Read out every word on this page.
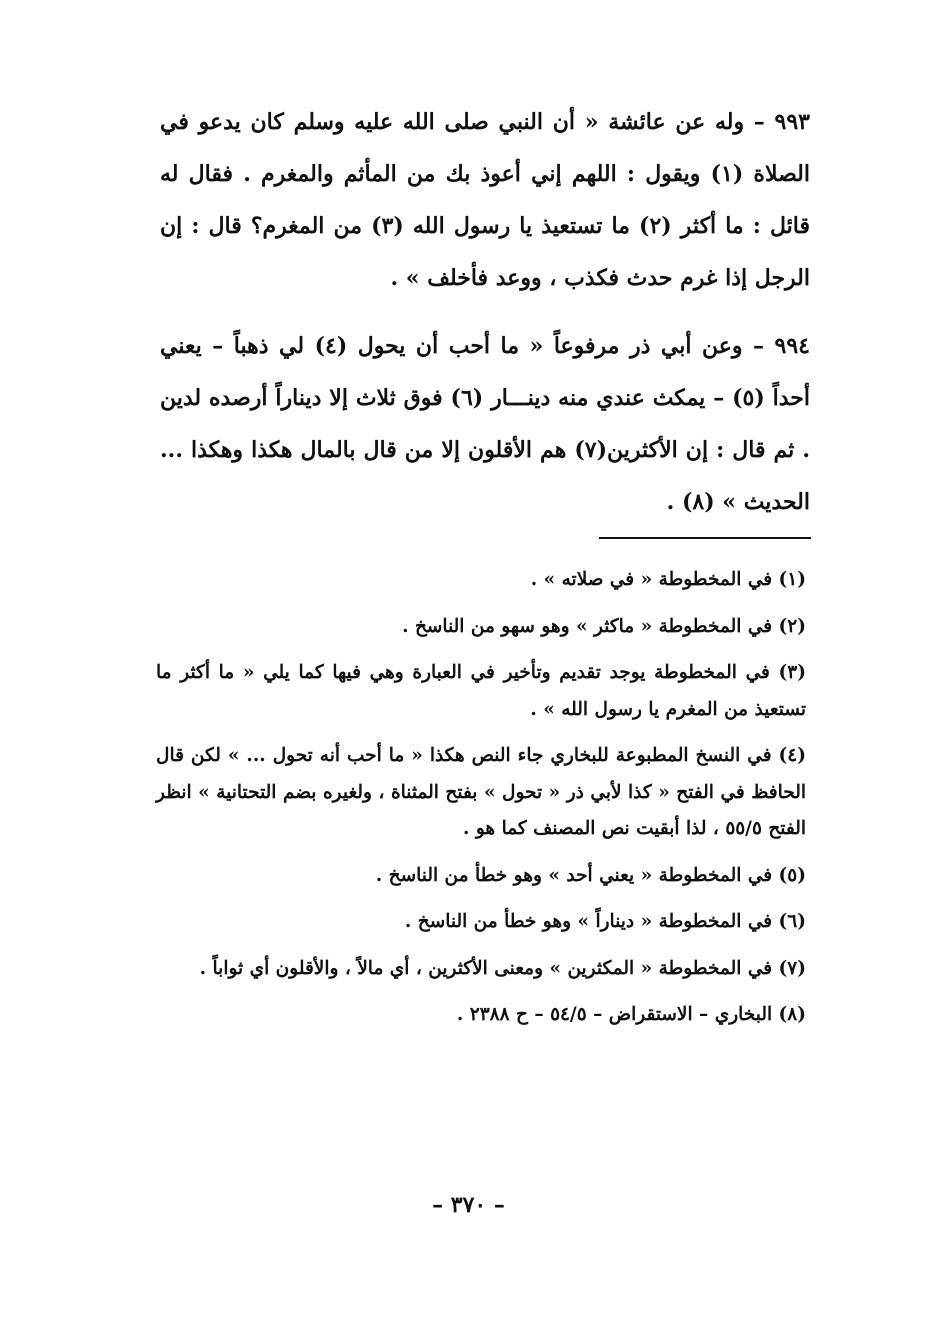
٩٩٣ – وله عن عائشة « أن النبي صلى الله عليه وسلم كان يدعو في الصلاة (١) ويقول : اللهم إني أعوذ بك من المأثم والمغرم . فقال له قائل : ما أكثر (٢) ما تستعيذ يا رسول الله (٣) من المغرم؟ قال : إن الرجل إذا غرم حدث فكذب ، ووعد فأخلف » .

٩٩٤ – وعن أبي ذر مرفوعاً « ما أحب أن يحول (٤) لي ذهباً – يعني أحداً (٥) – يمكث عندي منه دينـــار (٦) فوق ثلاث إلا ديناراً أرصده لدين . ثم قال : إن الأكثرين(٧) هم الأقلون إلا من قال بالمال هكذا وهكذا ... الحديث » (٨) .

(١) في المخطوطة « في صلاته » .

(٢) في المخطوطة « ماكثر » وهو سهو من الناسخ .

(٣) في المخطوطة يوجد تقديم وتأخير في العبارة وهي فيها كما يلي « ما أكثر ما تستعيذ من المغرم يا رسول الله » .

(٤) في النسخ المطبوعة للبخاري جاء النص هكذا « ما أحب أنه تحول ... » لكن قال الحافظ في الفتح « كذا لأبي ذر « تحول » بفتح المثناة ، ولغيره بضم التحتانية » انظر الفتح ٥٥/٥ ، لذا أبقيت نص المصنف كما هو .

(٥) في المخطوطة « يعني أحد » وهو خطأ من الناسخ .

(٦) في المخطوطة « ديناراً » وهو خطأ من الناسخ .

(٧) في المخطوطة « المكثرين » ومعنى الأكثرين ، أي مالاً ، والأقلون أي ثواباً .

(٨) البخاري – الاستقراض – ٥٤/٥ – ح ٢٣٨٨ .

– ٣٧٠ –
